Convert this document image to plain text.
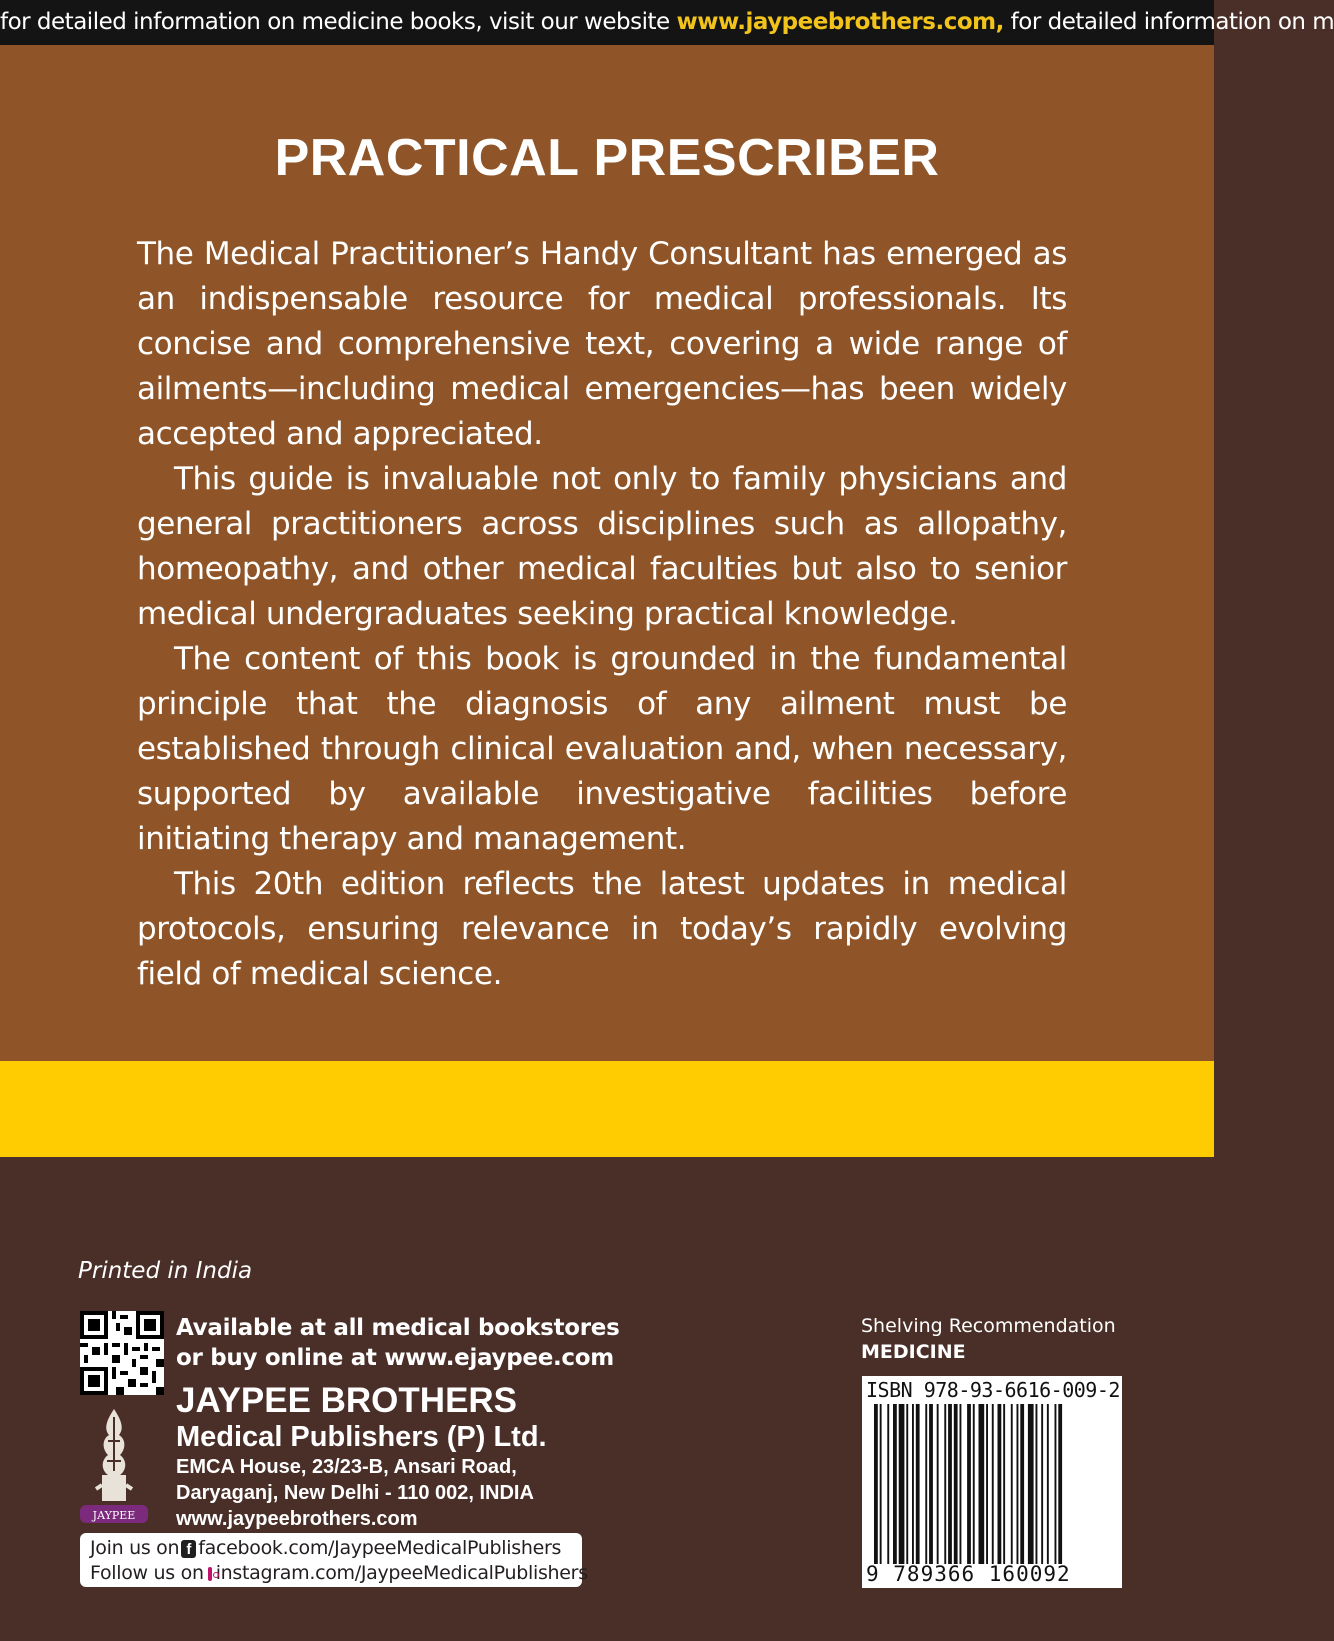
for detailed information on medicine books, visit our website www.jaypeebrothers.com, for detailed information on m
PRACTICAL PRESCRIBER

The Medical Practitioner’s Handy Consultant has emerged as an indispensable resource for medical professionals. Its concise and comprehensive text, covering a wide range of ailments—including medical emergencies—has been widely accepted and appreciated.

This guide is invaluable not only to family physicians and general practitioners across disciplines such as allopathy, homeopathy, and other medical faculties but also to senior medical undergraduates seeking practical knowledge.

The content of this book is grounded in the fundamental principle that the diagnosis of any ailment must be established through clinical evaluation and, when necessary, supported by available investigative facilities before initiating therapy and management.

This 20th edition reflects the latest updates in medical protocols, ensuring relevance in today’s rapidly evolving field of medical science.

Printed in India
Available at all medical bookstores
or buy online at www.ejaypee.com
JAYPEE
JAYPEE BROTHERS
Medical Publishers (P) Ltd.
EMCA House, 23/23-B, Ansari Road,
Daryaganj, New Delhi - 110 002, INDIA
www.jaypeebrothers.com
Join us on f facebook.com/JaypeeMedicalPublishers
Follow us on instagram.com/JaypeeMedicalPublishers
Shelving Recommendation
MEDICINE
ISBN 978-93-6616-009-2
9 789366 160092
